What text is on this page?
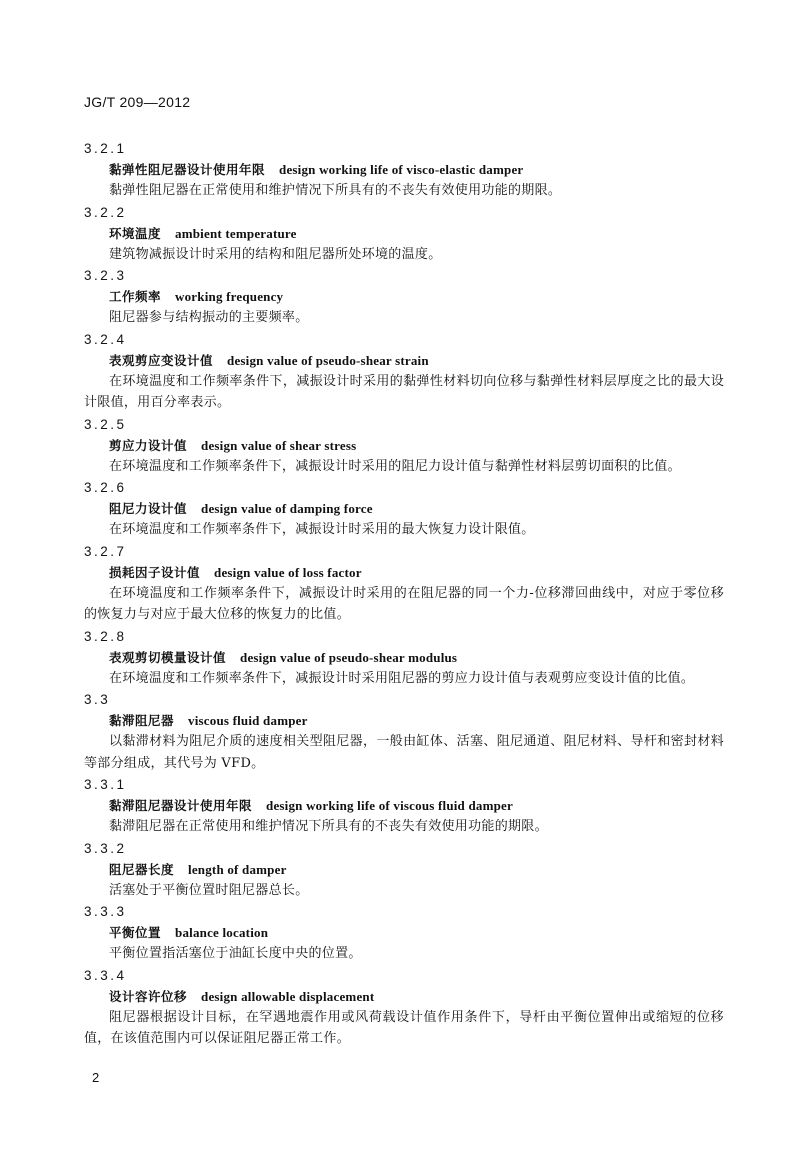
JG/T 209—2012
3.2.1
黏弹性阻尼器设计使用年限 design working life of visco-elastic damper
黏弹性阻尼器在正常使用和维护情况下所具有的不丧失有效使用功能的期限。
3.2.2
环境温度 ambient temperature
建筑物减振设计时采用的结构和阻尼器所处环境的温度。
3.2.3
工作频率 working frequency
阻尼器参与结构振动的主要频率。
3.2.4
表观剪应变设计值 design value of pseudo-shear strain
在环境温度和工作频率条件下，减振设计时采用的黏弹性材料切向位移与黏弹性材料层厚度之比的最大设计限值，用百分率表示。
3.2.5
剪应力设计值 design value of shear stress
在环境温度和工作频率条件下，减振设计时采用的阻尼力设计值与黏弹性材料层剪切面积的比值。
3.2.6
阻尼力设计值 design value of damping force
在环境温度和工作频率条件下，减振设计时采用的最大恢复力设计限值。
3.2.7
损耗因子设计值 design value of loss factor
在环境温度和工作频率条件下，减振设计时采用的在阻尼器的同一个力-位移滞回曲线中，对应于零位移的恢复力与对应于最大位移的恢复力的比值。
3.2.8
表观剪切模量设计值 design value of pseudo-shear modulus
在环境温度和工作频率条件下，减振设计时采用阻尼器的剪应力设计值与表观剪应变设计值的比值。
3.3
黏滞阻尼器 viscous fluid damper
以黏滞材料为阻尼介质的速度相关型阻尼器，一般由缸体、活塞、阻尼通道、阻尼材料、导杆和密封材料等部分组成，其代号为 VFD。
3.3.1
黏滞阻尼器设计使用年限 design working life of viscous fluid damper
黏滞阻尼器在正常使用和维护情况下所具有的不丧失有效使用功能的期限。
3.3.2
阻尼器长度 length of damper
活塞处于平衡位置时阻尼器总长。
3.3.3
平衡位置 balance location
平衡位置指活塞位于油缸长度中央的位置。
3.3.4
设计容许位移 design allowable displacement
阻尼器根据设计目标，在罕遇地震作用或风荷载设计值作用条件下，导杆由平衡位置伸出或缩短的位移值，在该值范围内可以保证阻尼器正常工作。
2
